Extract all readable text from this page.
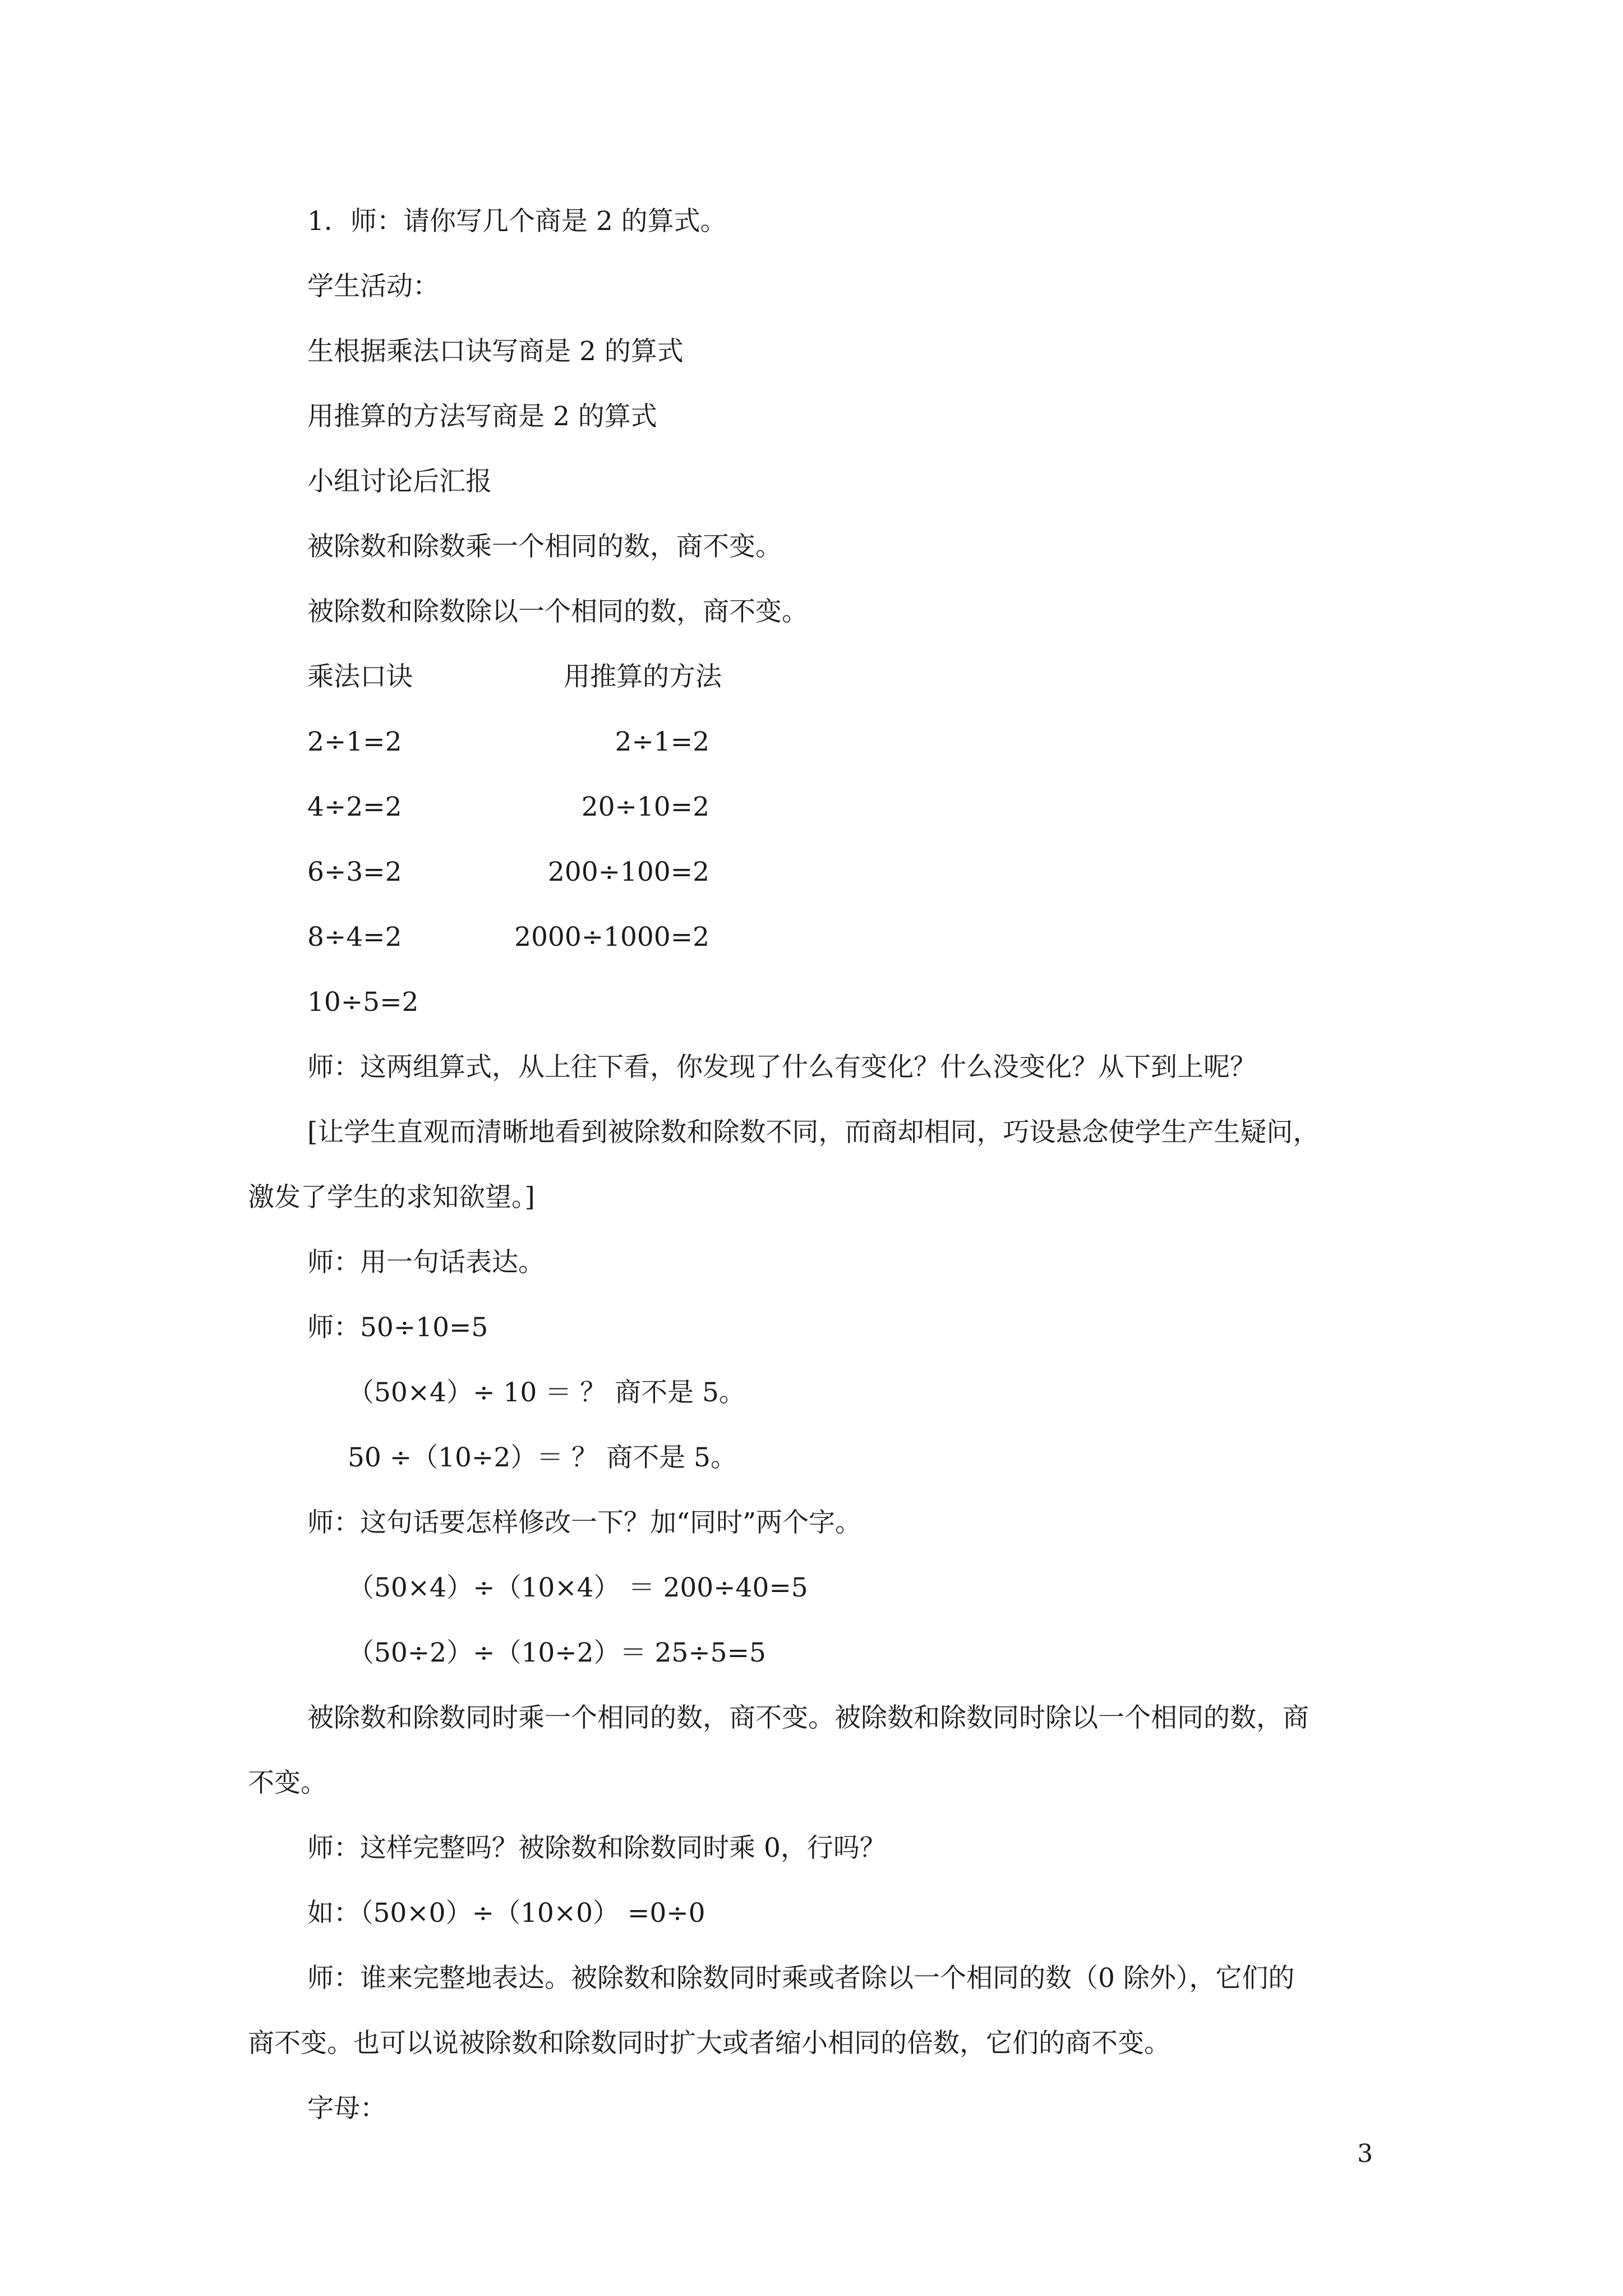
1．师：请你写几个商是 2 的算式。
学生活动：
生根据乘法口诀写商是 2 的算式
用推算的方法写商是 2 的算式
小组讨论后汇报
被除数和除数乘一个相同的数，商不变。
被除数和除数除以一个相同的数，商不变。
乘法口诀	用推算的方法
2÷1=2
4÷2=2
6÷3=2
8÷4=2
10÷5=2
2÷1=2
20÷10=2
200÷100=2
2000÷1000=2
师：这两组算式，从上往下看，你发现了什么有变化？什么没变化？从下到上呢？
[让学生直观而清晰地看到被除数和除数不同，而商却相同，巧设悬念使学生产生疑问，
激发了学生的求知欲望。]
师：用一句话表达。
师：50÷10=5
（50×4）÷ 10 ＝ ？ 商不是 5。
50 ÷（10÷2）＝ ？ 商不是 5。
师：这句话要怎样修改一下？加“同时”两个字。
（50×4）÷（10×4） ＝ 200÷40=5
（50÷2）÷（10÷2）＝ 25÷5=5
被除数和除数同时乘一个相同的数，商不变。被除数和除数同时除以一个相同的数，商
不变。
师：这样完整吗？被除数和除数同时乘 0，行吗？
如：（50×0）÷（10×0） =0÷0
师：谁来完整地表达。被除数和除数同时乘或者除以一个相同的数（0 除外），它们的
商不变。也可以说被除数和除数同时扩大或者缩小相同的倍数，它们的商不变。
字母：
3
